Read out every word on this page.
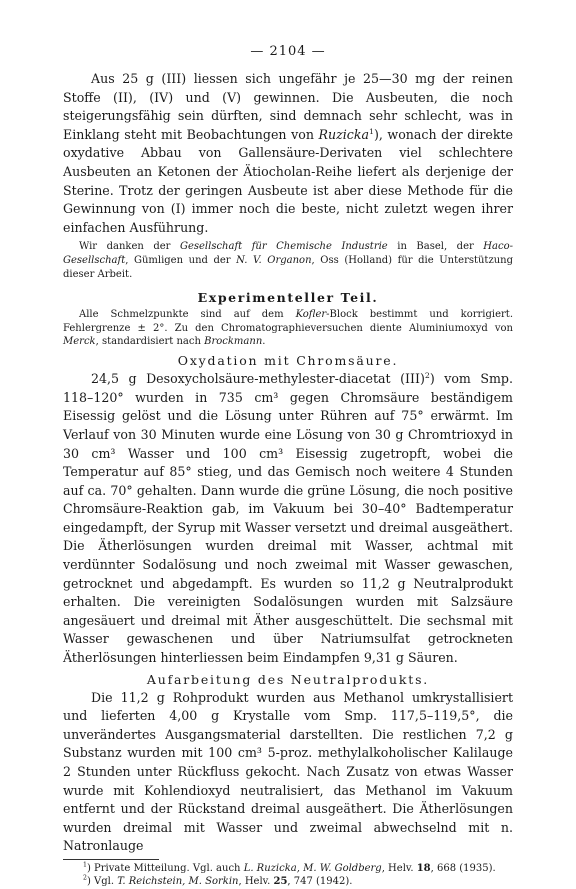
— 2104 —

Aus 25 g (III) liessen sich ungefähr je 25—30 mg der reinen Stoffe (II), (IV) und (V) gewinnen. Die Ausbeuten, die noch steigerungsfähig sein dürften, sind demnach sehr schlecht, was in Einklang steht mit Beobachtungen von Ruzicka$^1$), wonach der direkte oxydative Abbau von Gallensäure-Derivaten viel schlechtere Ausbeuten an Ketonen der Ätiocholan-Reihe liefert als derjenige der Sterine. Trotz der geringen Ausbeute ist aber diese Methode für die Gewinnung von (I) immer noch die beste, nicht zuletzt wegen ihrer einfachen Ausführung.

Wir danken der Gesellschaft für Chemische Industrie in Basel, der Haco-Gesellschaft, Gümligen und der N. V. Organon, Oss (Holland) für die Unterstützung dieser Arbeit.

Experimenteller Teil.

Alle Schmelzpunkte sind auf dem Kofler-Block bestimmt und korrigiert. Fehlergrenze ± 2°. Zu den Chromatographieversuchen diente Aluminiumoxyd von Merck, standardisiert nach Brockmann.

Oxydation mit Chromsäure.

24,5 g Desoxycholsäure-methylester-diacetat (III)$^2$) vom Smp. 118–120° wurden in 735 cm³ gegen Chromsäure beständigem Eisessig gelöst und die Lösung unter Rühren auf 75° erwärmt. Im Verlauf von 30 Minuten wurde eine Lösung von 30 g Chromtrioxyd in 30 cm³ Wasser und 100 cm³ Eisessig zugetropft, wobei die Temperatur auf 85° stieg, und das Gemisch noch weitere 4 Stunden auf ca. 70° gehalten. Dann wurde die grüne Lösung, die noch positive Chromsäure-Reaktion gab, im Vakuum bei 30–40° Badtemperatur eingedampft, der Syrup mit Wasser versetzt und dreimal ausgeäthert. Die Ätherlösungen wurden dreimal mit Wasser, achtmal mit verdünnter Sodalösung und noch zweimal mit Wasser gewaschen, getrocknet und abgedampft. Es wurden so 11,2 g Neutralprodukt erhalten. Die vereinigten Sodalösungen wurden mit Salzsäure angesäuert und dreimal mit Äther ausgeschüttelt. Die sechsmal mit Wasser gewaschenen und über Natriumsulfat getrockneten Ätherlösungen hinterliessen beim Eindampfen 9,31 g Säuren.

Aufarbeitung des Neutralprodukts.

Die 11,2 g Rohprodukt wurden aus Methanol umkrystallisiert und lieferten 4,00 g Krystalle vom Smp. 117,5–119,5°, die unverändertes Ausgangsmaterial darstellten. Die restlichen 7,2 g Substanz wurden mit 100 cm³ 5-proz. methylalkoholischer Kalilauge 2 Stunden unter Rückfluss gekocht. Nach Zusatz von etwas Wasser wurde mit Kohlendioxyd neutralisiert, das Methanol im Vakuum entfernt und der Rückstand dreimal ausgeäthert. Die Ätherlösungen wurden dreimal mit Wasser und zweimal abwechselnd mit n. Natronlauge

$^1$) Private Mitteilung. Vgl. auch L. Ruzicka, M. W. Goldberg, Helv. 18, 668 (1935).
$^2$) Vgl. T. Reichstein, M. Sorkin, Helv. 25, 747 (1942).
